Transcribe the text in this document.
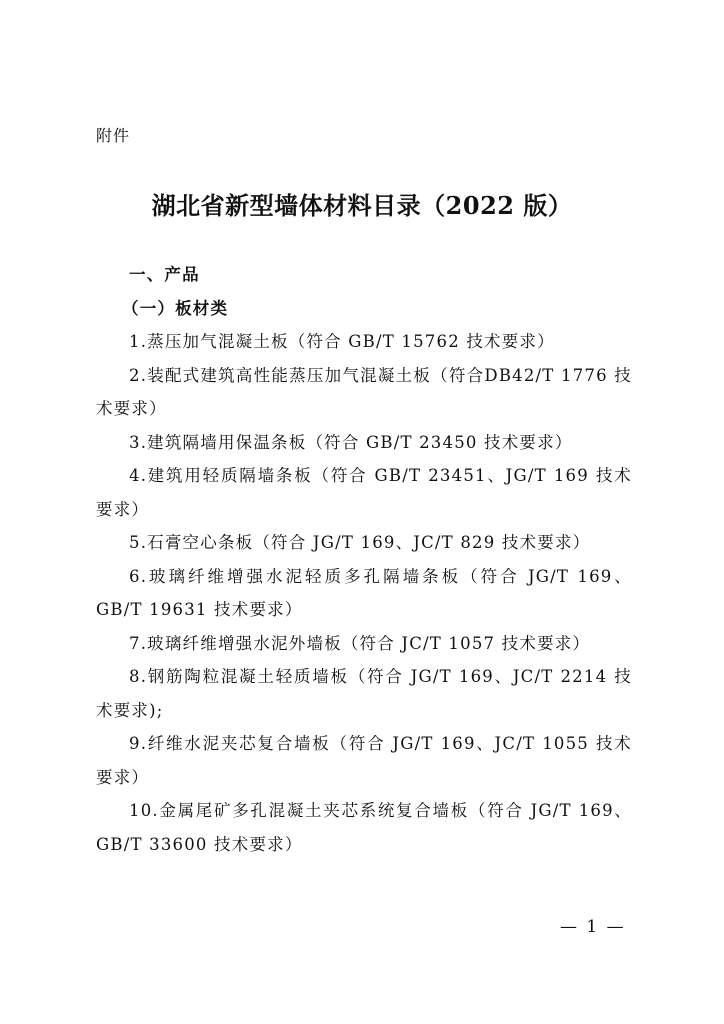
附件
湖北省新型墙体材料目录（2022 版）

一、产品

（一）板材类

1.蒸压加气混凝土板（符合 GB/T 15762 技术要求）

2.装配式建筑高性能蒸压加气混凝土板（符合DB42/T 1776 技术要求）

3.建筑隔墙用保温条板（符合 GB/T 23450 技术要求）

4.建筑用轻质隔墙条板（符合 GB/T 23451、JG/T 169 技术要求）

5.石膏空心条板（符合 JG/T 169、JC/T 829 技术要求）

6.玻璃纤维增强水泥轻质多孔隔墙条板（符合 JG/T 169、GB/T 19631 技术要求）

7.玻璃纤维增强水泥外墙板（符合 JC/T 1057 技术要求）

8.钢筋陶粒混凝土轻质墙板（符合 JG/T 169、JC/T 2214 技术要求);

9.纤维水泥夹芯复合墙板（符合 JG/T 169、JC/T 1055 技术要求）

10.金属尾矿多孔混凝土夹芯系统复合墙板（符合 JG/T 169、GB/T 33600 技术要求）

— 1 —
